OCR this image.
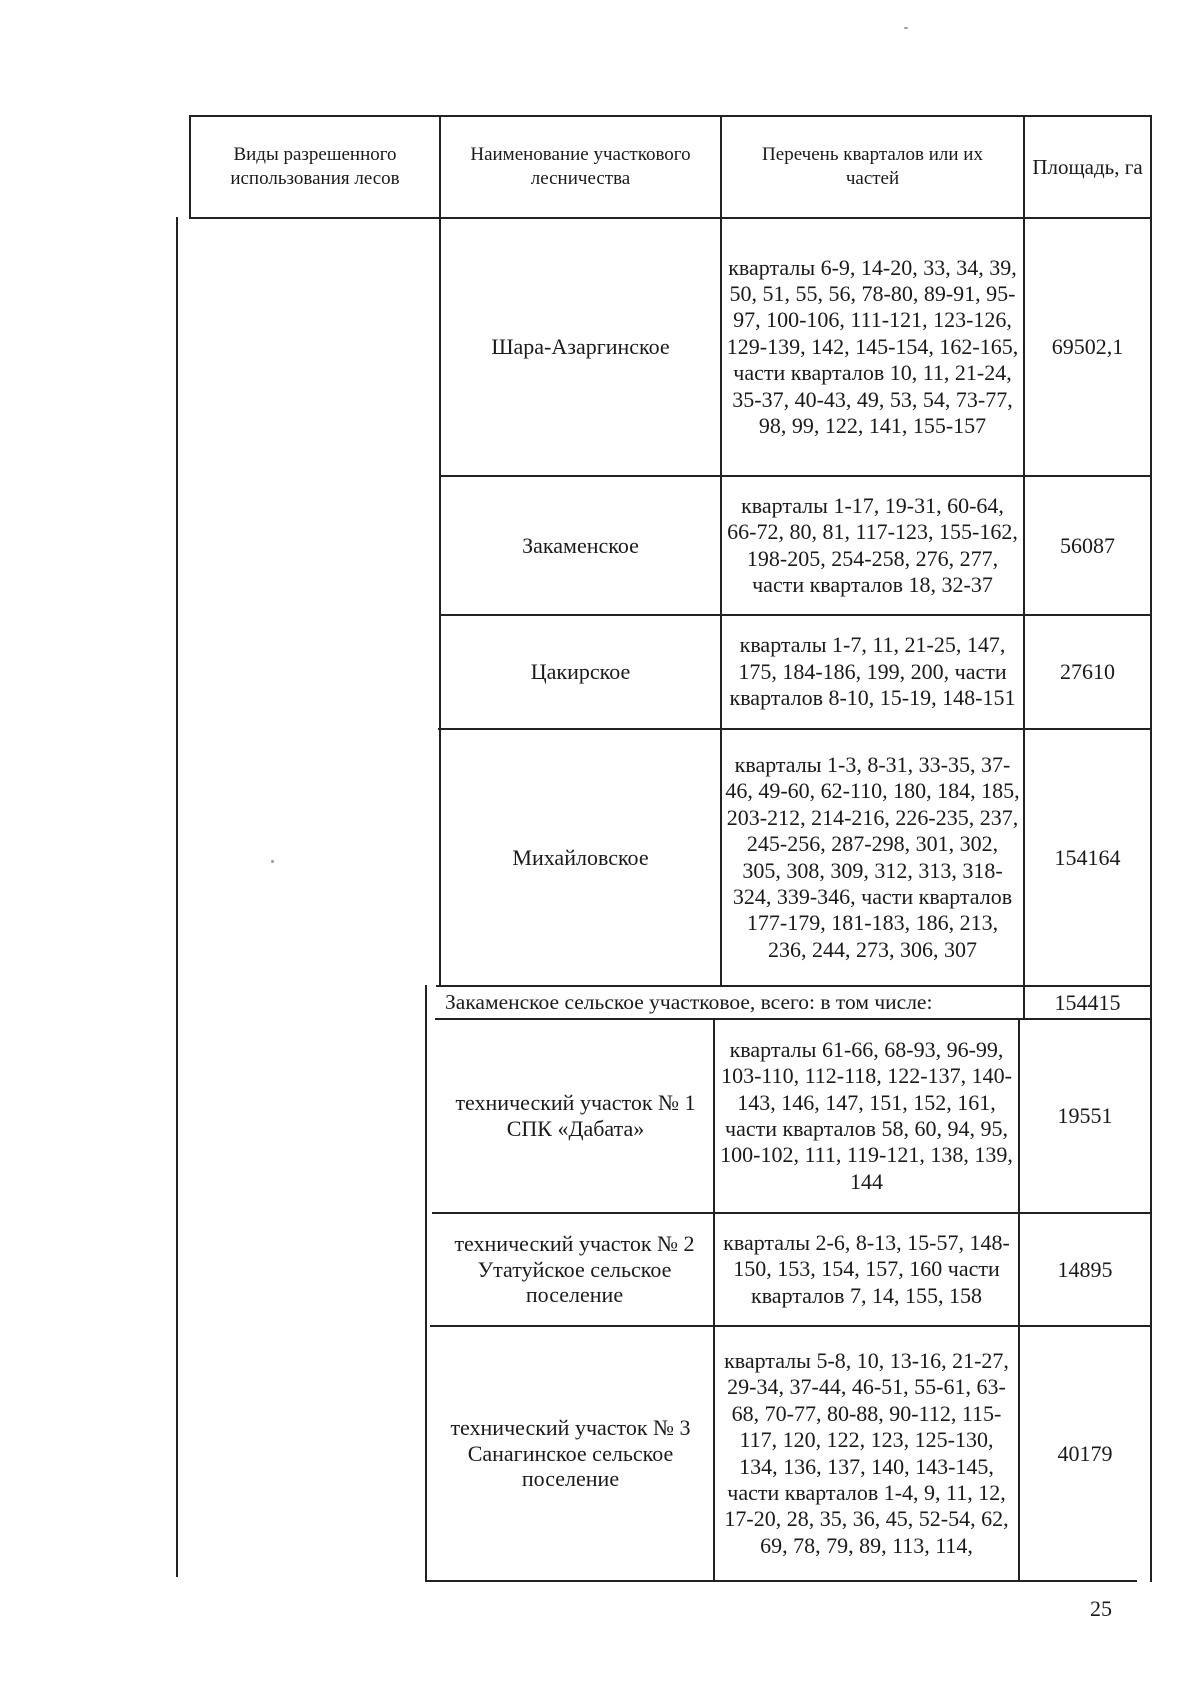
Виды разрешенного использования лесов
Наименование участкового лесничества
Перечень кварталов или их частей	Площадь, га
Шара-Азаргинское
кварталы 6-9, 14-20, 33, 34, 39, 50, 51, 55, 56, 78-80, 89-91, 95-97, 100-106, 111-121, 123-126, 129-139, 142, 145-154, 162-165, части кварталов 10, 11, 21-24, 35-37, 40-43, 49, 53, 54, 73-77, 98, 99, 122, 141, 155-157
69502,1
Закаменское
кварталы 1-17, 19-31, 60-64, 66-72, 80, 81, 117-123, 155-162, 198-205, 254-258, 276, 277, части кварталов 18, 32-37
56087
Цакирское
кварталы 1-7, 11, 21-25, 147, 175, 184-186, 199, 200, части кварталов 8-10, 15-19, 148-151
27610
Михайловское
кварталы 1-3, 8-31, 33-35, 37-46, 49-60, 62-110, 180, 184, 185, 203-212, 214-216, 226-235, 237, 245-256, 287-298, 301, 302, 305, 308, 309, 312, 313, 318-324, 339-346, части кварталов 177-179, 181-183, 186, 213, 236, 244, 273, 306, 307
154164
Закаменское сельское участковое, всего: в том числе:	154415
технический участок № 1 СПК «Дабата»
кварталы 61-66, 68-93, 96-99, 103-110, 112-118, 122-137, 140-143, 146, 147, 151, 152, 161, части кварталов 58, 60, 94, 95, 100-102, 111, 119-121, 138, 139, 144
19551
технический участок № 2 Утатуйское сельское поселение
кварталы 2-6, 8-13, 15-57, 148-150, 153, 154, 157, 160 части кварталов 7, 14, 155, 158
14895
технический участок № 3 Санагинское сельское поселение
кварталы 5-8, 10, 13-16, 21-27, 29-34, 37-44, 46-51, 55-61, 63-68, 70-77, 80-88, 90-112, 115-117, 120, 122, 123, 125-130, 134, 136, 137, 140, 143-145, части кварталов 1-4, 9, 11, 12, 17-20, 28, 35, 36, 45, 52-54, 62, 69, 78, 79, 89, 113, 114,
40179
25
